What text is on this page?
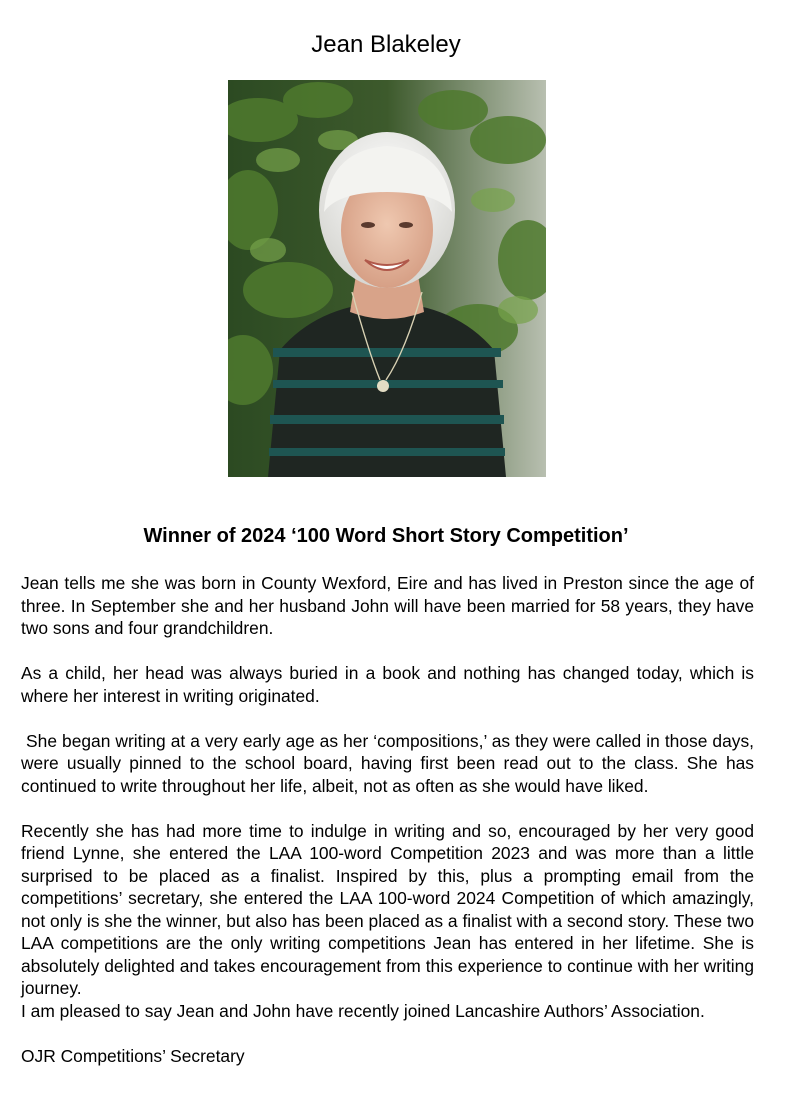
Jean Blakeley
Winner of 2024 ‘100 Word Short Story Competition’

Jean tells me she was born in County Wexford, Eire and has lived in Preston since the age of three. In September she and her husband John will have been married for 58 years, they have two sons and four grandchildren.

As a child, her head was always buried in a book and nothing has changed today, which is where her interest in writing originated.

She began writing at a very early age as her ‘compositions,’ as they were called in those days, were usually pinned to the school board, having first been read out to the class. She has continued to write throughout her life, albeit, not as often as she would have liked.

Recently she has had more time to indulge in writing and so, encouraged by her very good friend Lynne, she entered the LAA 100-word Competition 2023 and was more than a little surprised to be placed as a finalist. Inspired by this, plus a prompting email from the competitions’ secretary, she entered the LAA 100-word 2024 Competition of which amazingly, not only is she the winner, but also has been placed as a finalist with a second story. These two LAA competitions are the only writing competitions Jean has entered in her lifetime. She is absolutely delighted and takes encouragement from this experience to continue with her writing journey.

I am pleased to say Jean and John have recently joined Lancashire Authors’ Association.

OJR Competitions’ Secretary
